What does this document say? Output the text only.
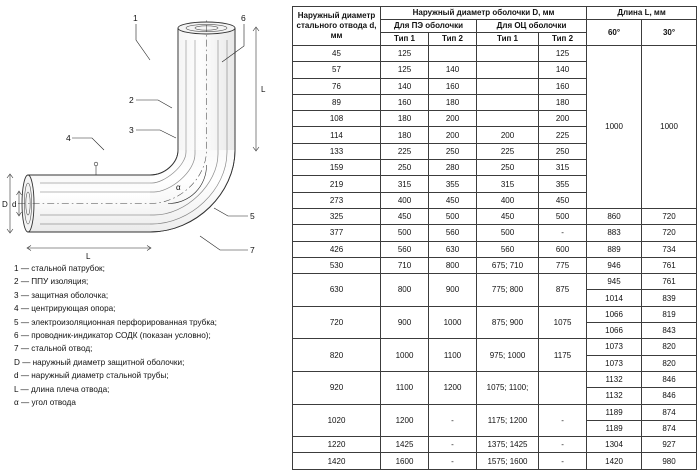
1	6
2
3
4
5
7
D d
L
L
α
1 — стальной патрубок;
2 — ППУ изоляция;
3 — защитная оболочка;
4 — центрирующая опора;
5 — электроизоляционная перфорированная трубка;
6 — проводник-индикатор СОДК (показан условно);
7 — стальной отвод;
D — наружный диаметр защитной оболочки;
d — наружный диаметр стальной трубы;
L — длина плеча отвода;
α — угол отвода
Наружный диаметр стального отвода d, мм	Наружный диаметр оболочки D, мм				Длина L, мм	
	Для ПЭ оболочки		Для ОЦ оболочки		60°	30°
	Тип 1	Тип 2	Тип 1	Тип 2		
45	125			125	1000	1000
57	125	140		140		
76	140	160		160		
89	160	180		180		
108	180	200		200		
114	180	200	200	225		
133	225	250	225	250		
159	250	280	250	315		
219	315	355	315	355		
273	400	450	400	450		
325	450	500	450	500	860	720
377	500	560	500	-	883	720
426	560	630	560	600	889	734
530	710	800	675; 710	775	946	761
630	800	900	775; 800	875	945	761
					1014	839
720	900	1000	875; 900	1075	1066	819
					1066	843
820	1000	1100	975; 1000	1175	1073	820
					1073	820
920	1100	1200	1075; 1100;		1132	846
					1132	846
1020	1200	-	1175; 1200	-	1189	874
					1189	874
1220	1425	-	1375; 1425	-	1304	927
1420	1600	-	1575; 1600	-	1420	980
